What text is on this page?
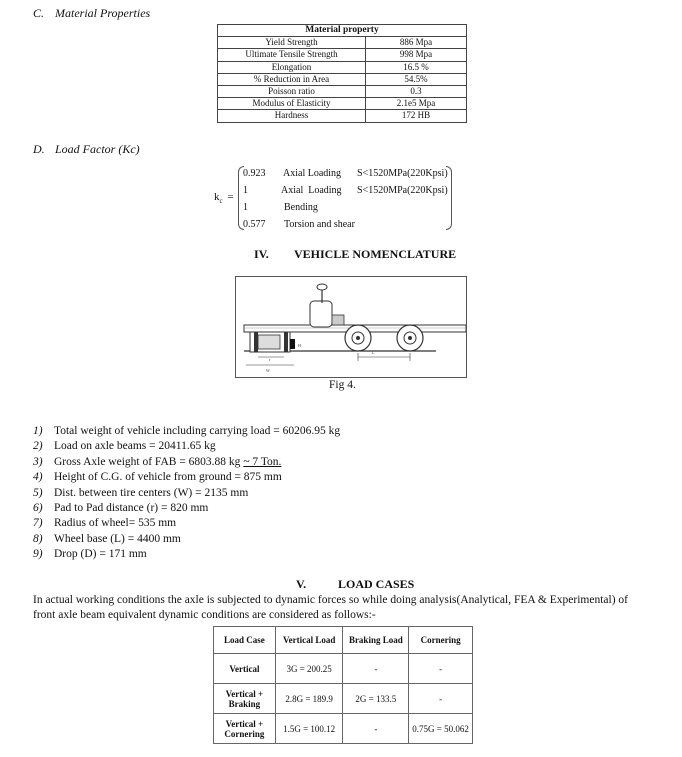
C. Material Properties
Material property	
Yield Strength	886 Mpa
Ultimate Tensile Strength	998 Mpa
Elongation	16.5 %
% Reduction in Area	54.5%
Poisson ratio	0.3
Modulus of Elasticity	2.1e5 Mpa
Hardness	172 HB
D. Load Factor (Kc)
$k_c$ =
0.923 Axial Loading S<1520MPa(220Kpsi)
1	Axial  Loading S<1520MPa(220Kpsi)
1	Bending
0.577 Torsion and shear
IV. VEHICLE NOMENCLATURE
H
r
W
L
Fig 4.
1) Total weight of vehicle including carrying load = 60206.95 kg
2) Load on axle beams = 20411.65 kg
3) Gross Axle weight of FAB = 6803.88 kg ~ 7 Ton.
4) Height of C.G. of vehicle from ground = 875 mm
5) Dist. between tire centers (W) = 2135 mm
6) Pad to Pad distance (r) = 820 mm
7) Radius of wheel= 535 mm
8) Wheel base (L) = 4400 mm
9) Drop (D) = 171 mm
V.	LOAD CASES
In actual working conditions the axle is subjected to dynamic forces so while doing analysis(Analytical, FEA & Experimental) of front axle beam equivalent dynamic conditions are considered as follows:-
Load Case	Vertical Load	Braking Load	Cornering
Vertical	3G = 200.25	-	-
Vertical + Braking	2.8G = 189.9	2G = 133.5	-
Vertical + Cornering	1.5G = 100.12	-	0.75G = 50.062
